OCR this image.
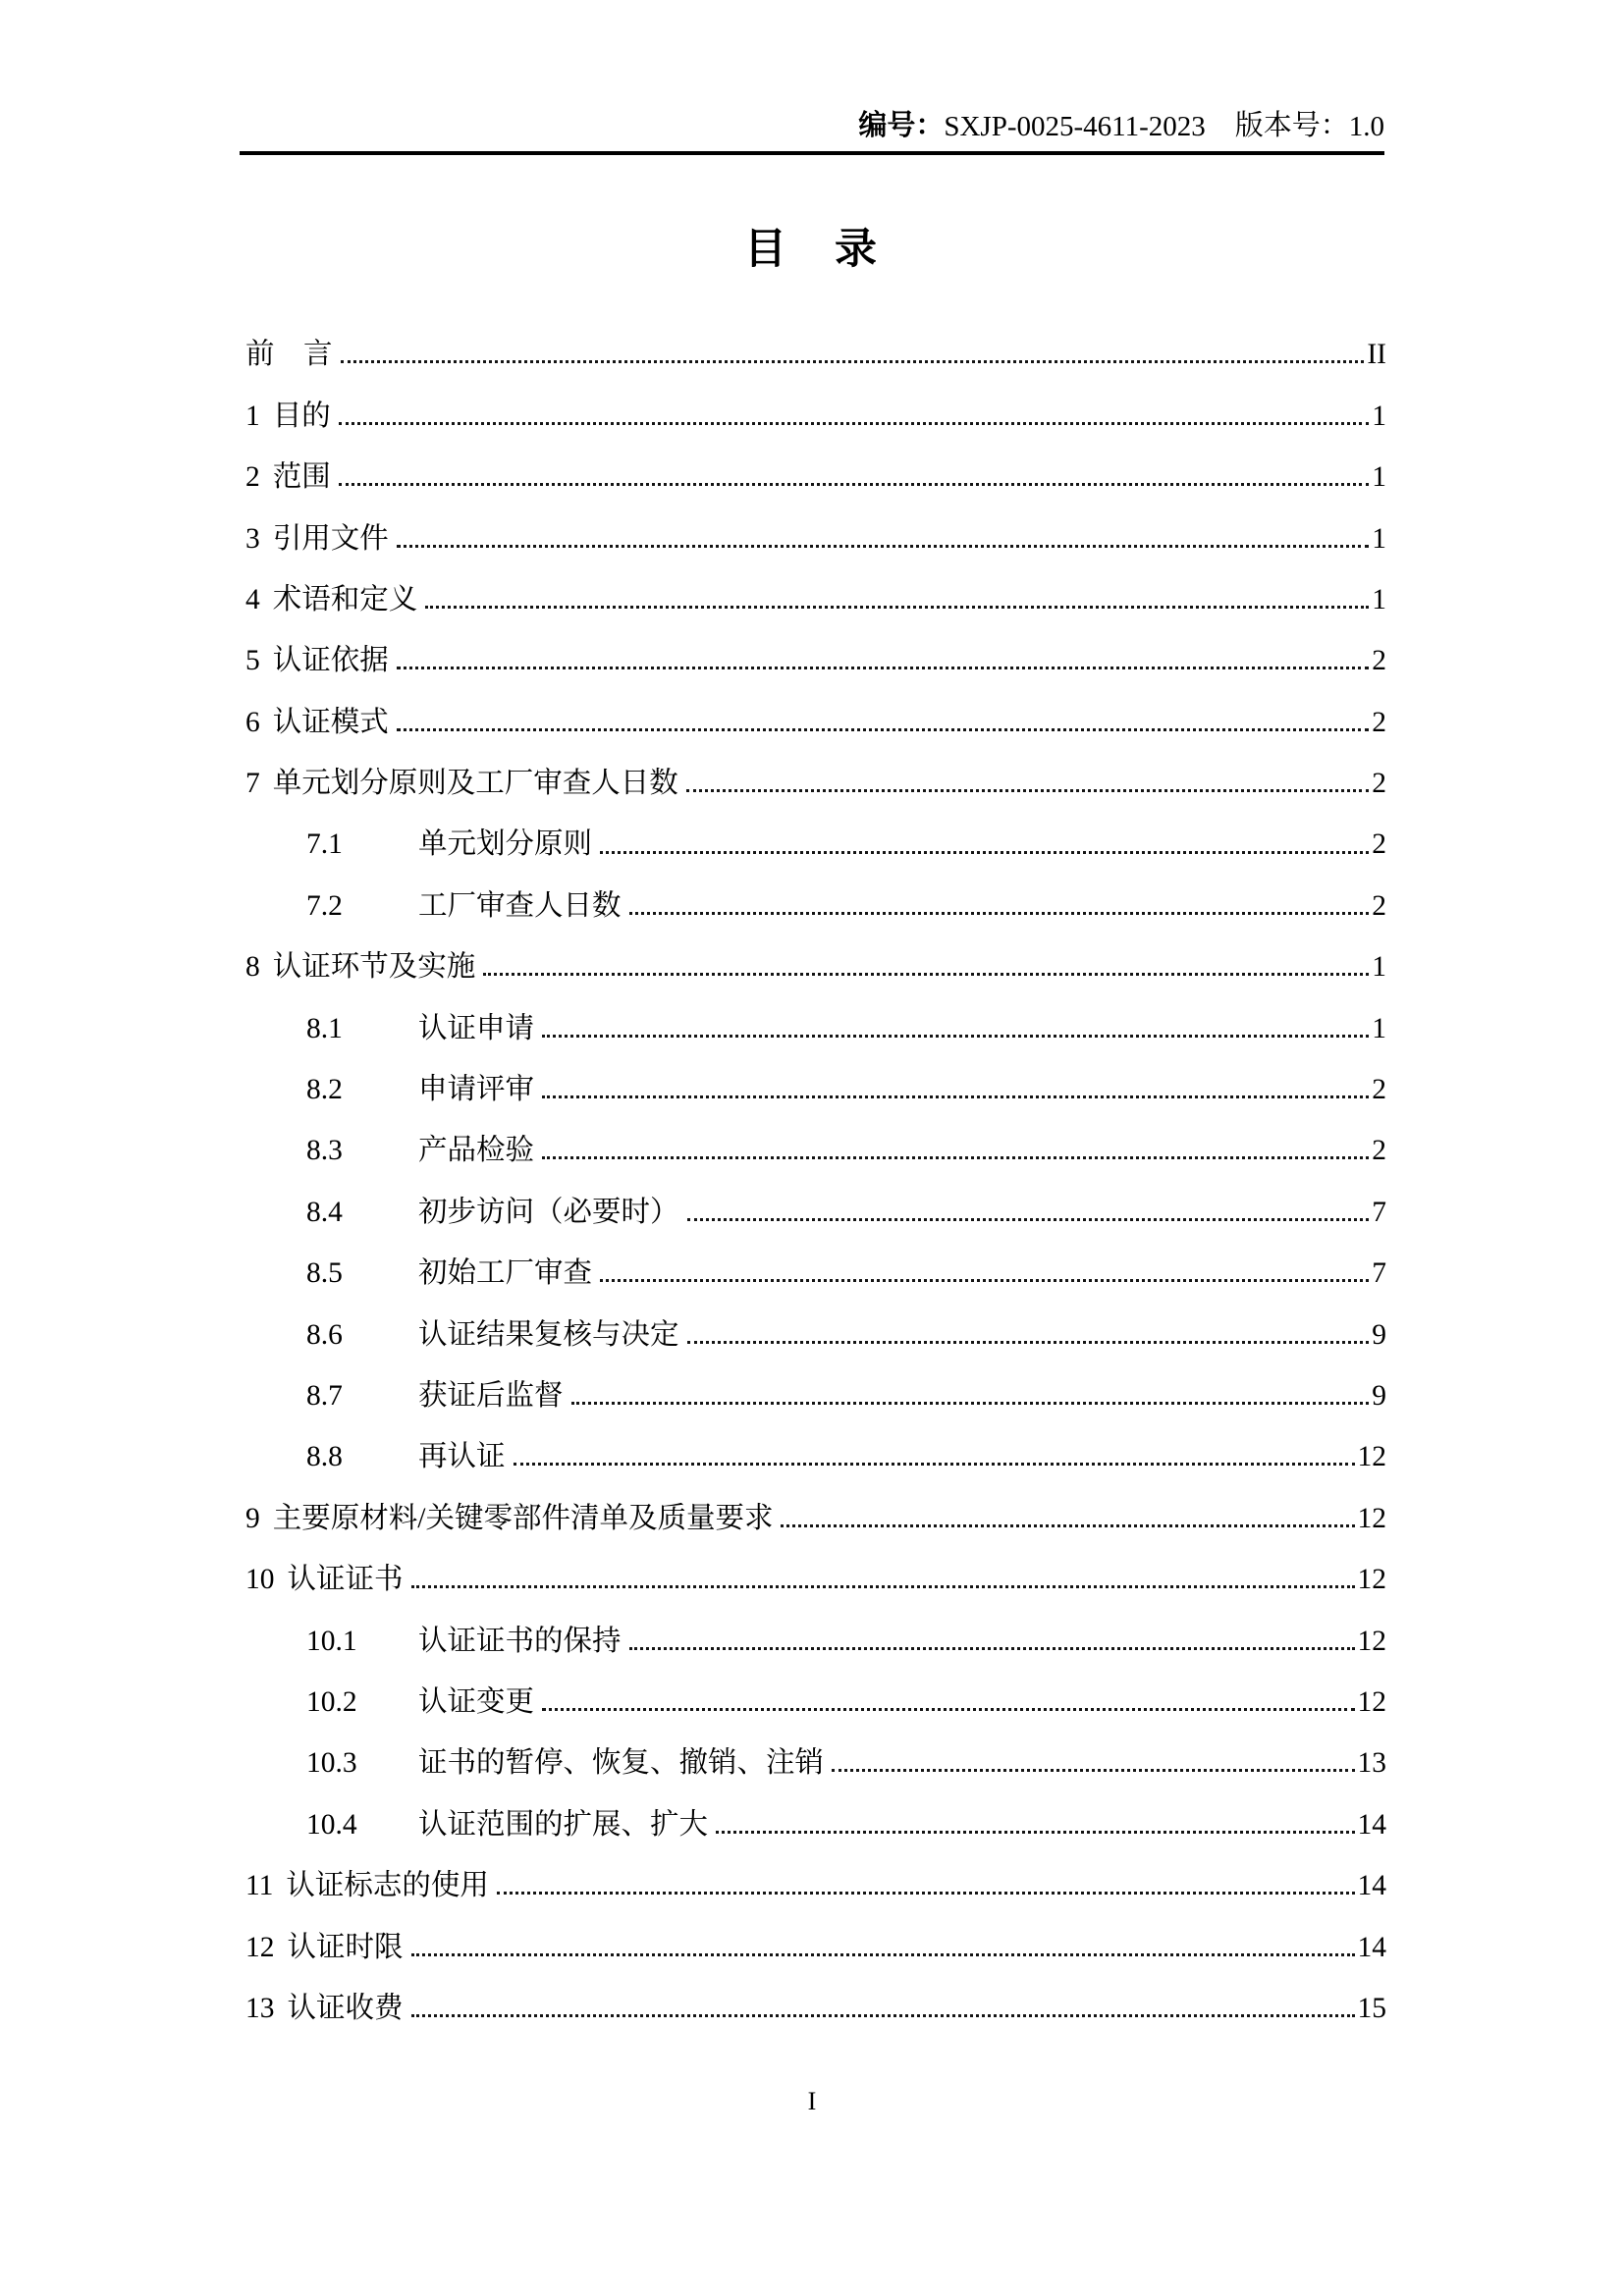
编号： SXJP-0025-4611-2023 版本号： 1.0
目　录
前　言	II
1 目的	1
2 范围	1
3 引用文件	1
4 术语和定义	1
5 认证依据	2
6 认证模式	2
7 单元划分原则及工厂审查人日数	2
7.1	单元划分原则	2
7.2	工厂审查人日数	2
8 认证环节及实施	1
8.1	认证申请	1
8.2	申请评审	2
8.3	产品检验	2
8.4	初步访问（必要时）	7
8.5	初始工厂审查	7
8.6	认证结果复核与决定	9
8.7	获证后监督	9
8.8	再认证	12
9 主要原材料/关键零部件清单及质量要求	12
10 认证证书	12
10.1	认证证书的保持	12
10.2	认证变更	12
10.3	证书的暂停、恢复、撤销、注销	13
10.4	认证范围的扩展、扩大	14
11 认证标志的使用	14
12 认证时限	14
13 认证收费	15
I
